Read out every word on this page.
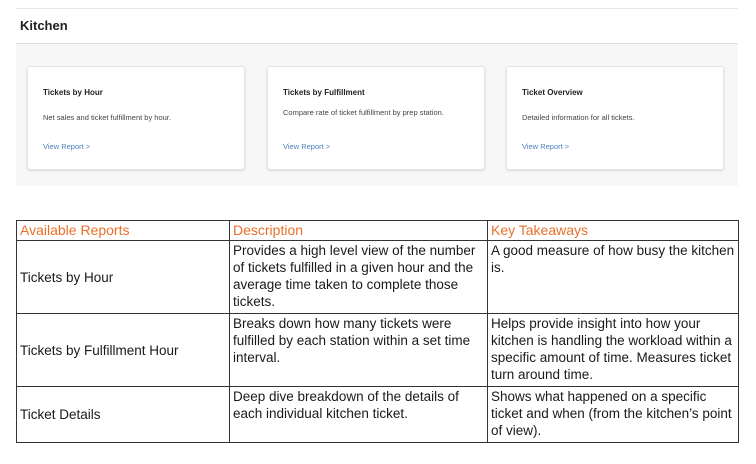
Kitchen
Tickets by Hour
Net sales and ticket fulfillment by hour.
View Report >
Tickets by Fulfillment
Compare rate of ticket fulfillment by prep station.
View Report >
Ticket Overview
Detailed information for all tickets.
View Report >
Available Reports	Description	Key Takeaways
Tickets by Hour	Provides a high level view of the number of tickets fulfilled in a given hour and the average time taken to complete those tickets.	A good measure of how busy the kitchen is.
Tickets by Fulfillment Hour	Breaks down how many tickets were fulfilled by each station within a set time interval.	Helps provide insight into how your kitchen is handling the workload within a specific amount of time. Measures ticket turn around time.
Ticket Details	Deep dive breakdown of the details of each individual kitchen ticket.	Shows what happened on a specific ticket and when (from the kitchen’s point of view).
